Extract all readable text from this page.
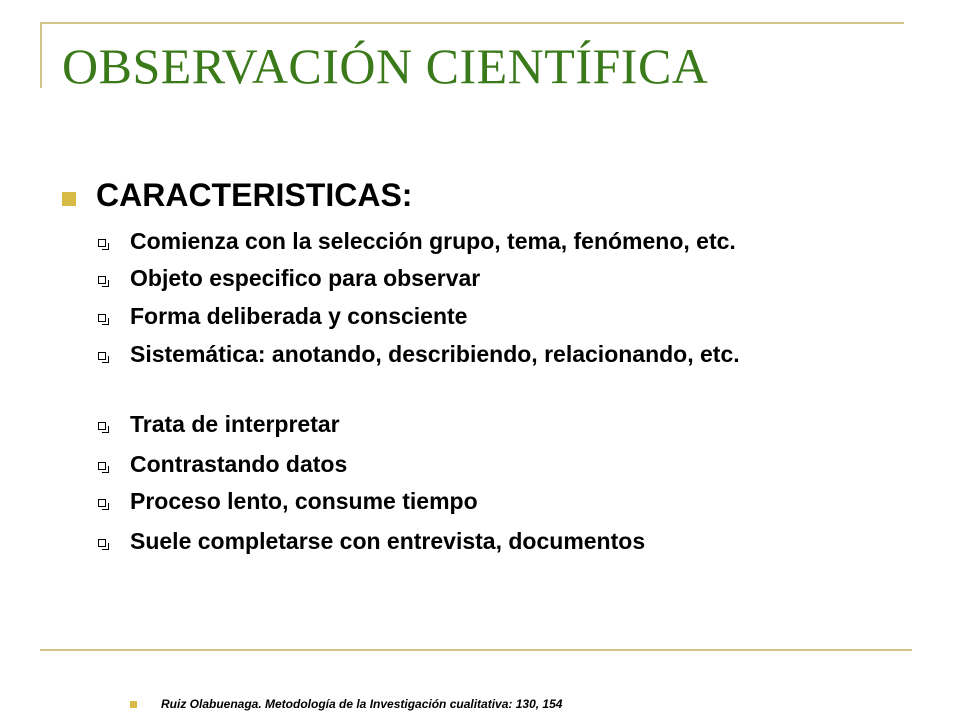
OBSERVACIÓN CIENTÍFICA
CARACTERISTICAS:
Comienza con la selección grupo, tema, fenómeno, etc.
Objeto especifico para observar
Forma deliberada y consciente
Sistemática: anotando, describiendo, relacionando, etc.
Trata de interpretar
Contrastando datos
Proceso lento, consume tiempo
Suele completarse con entrevista, documentos
Ruiz Olabuenaga. Metodología de la Investigación cualitativa: 130, 154
